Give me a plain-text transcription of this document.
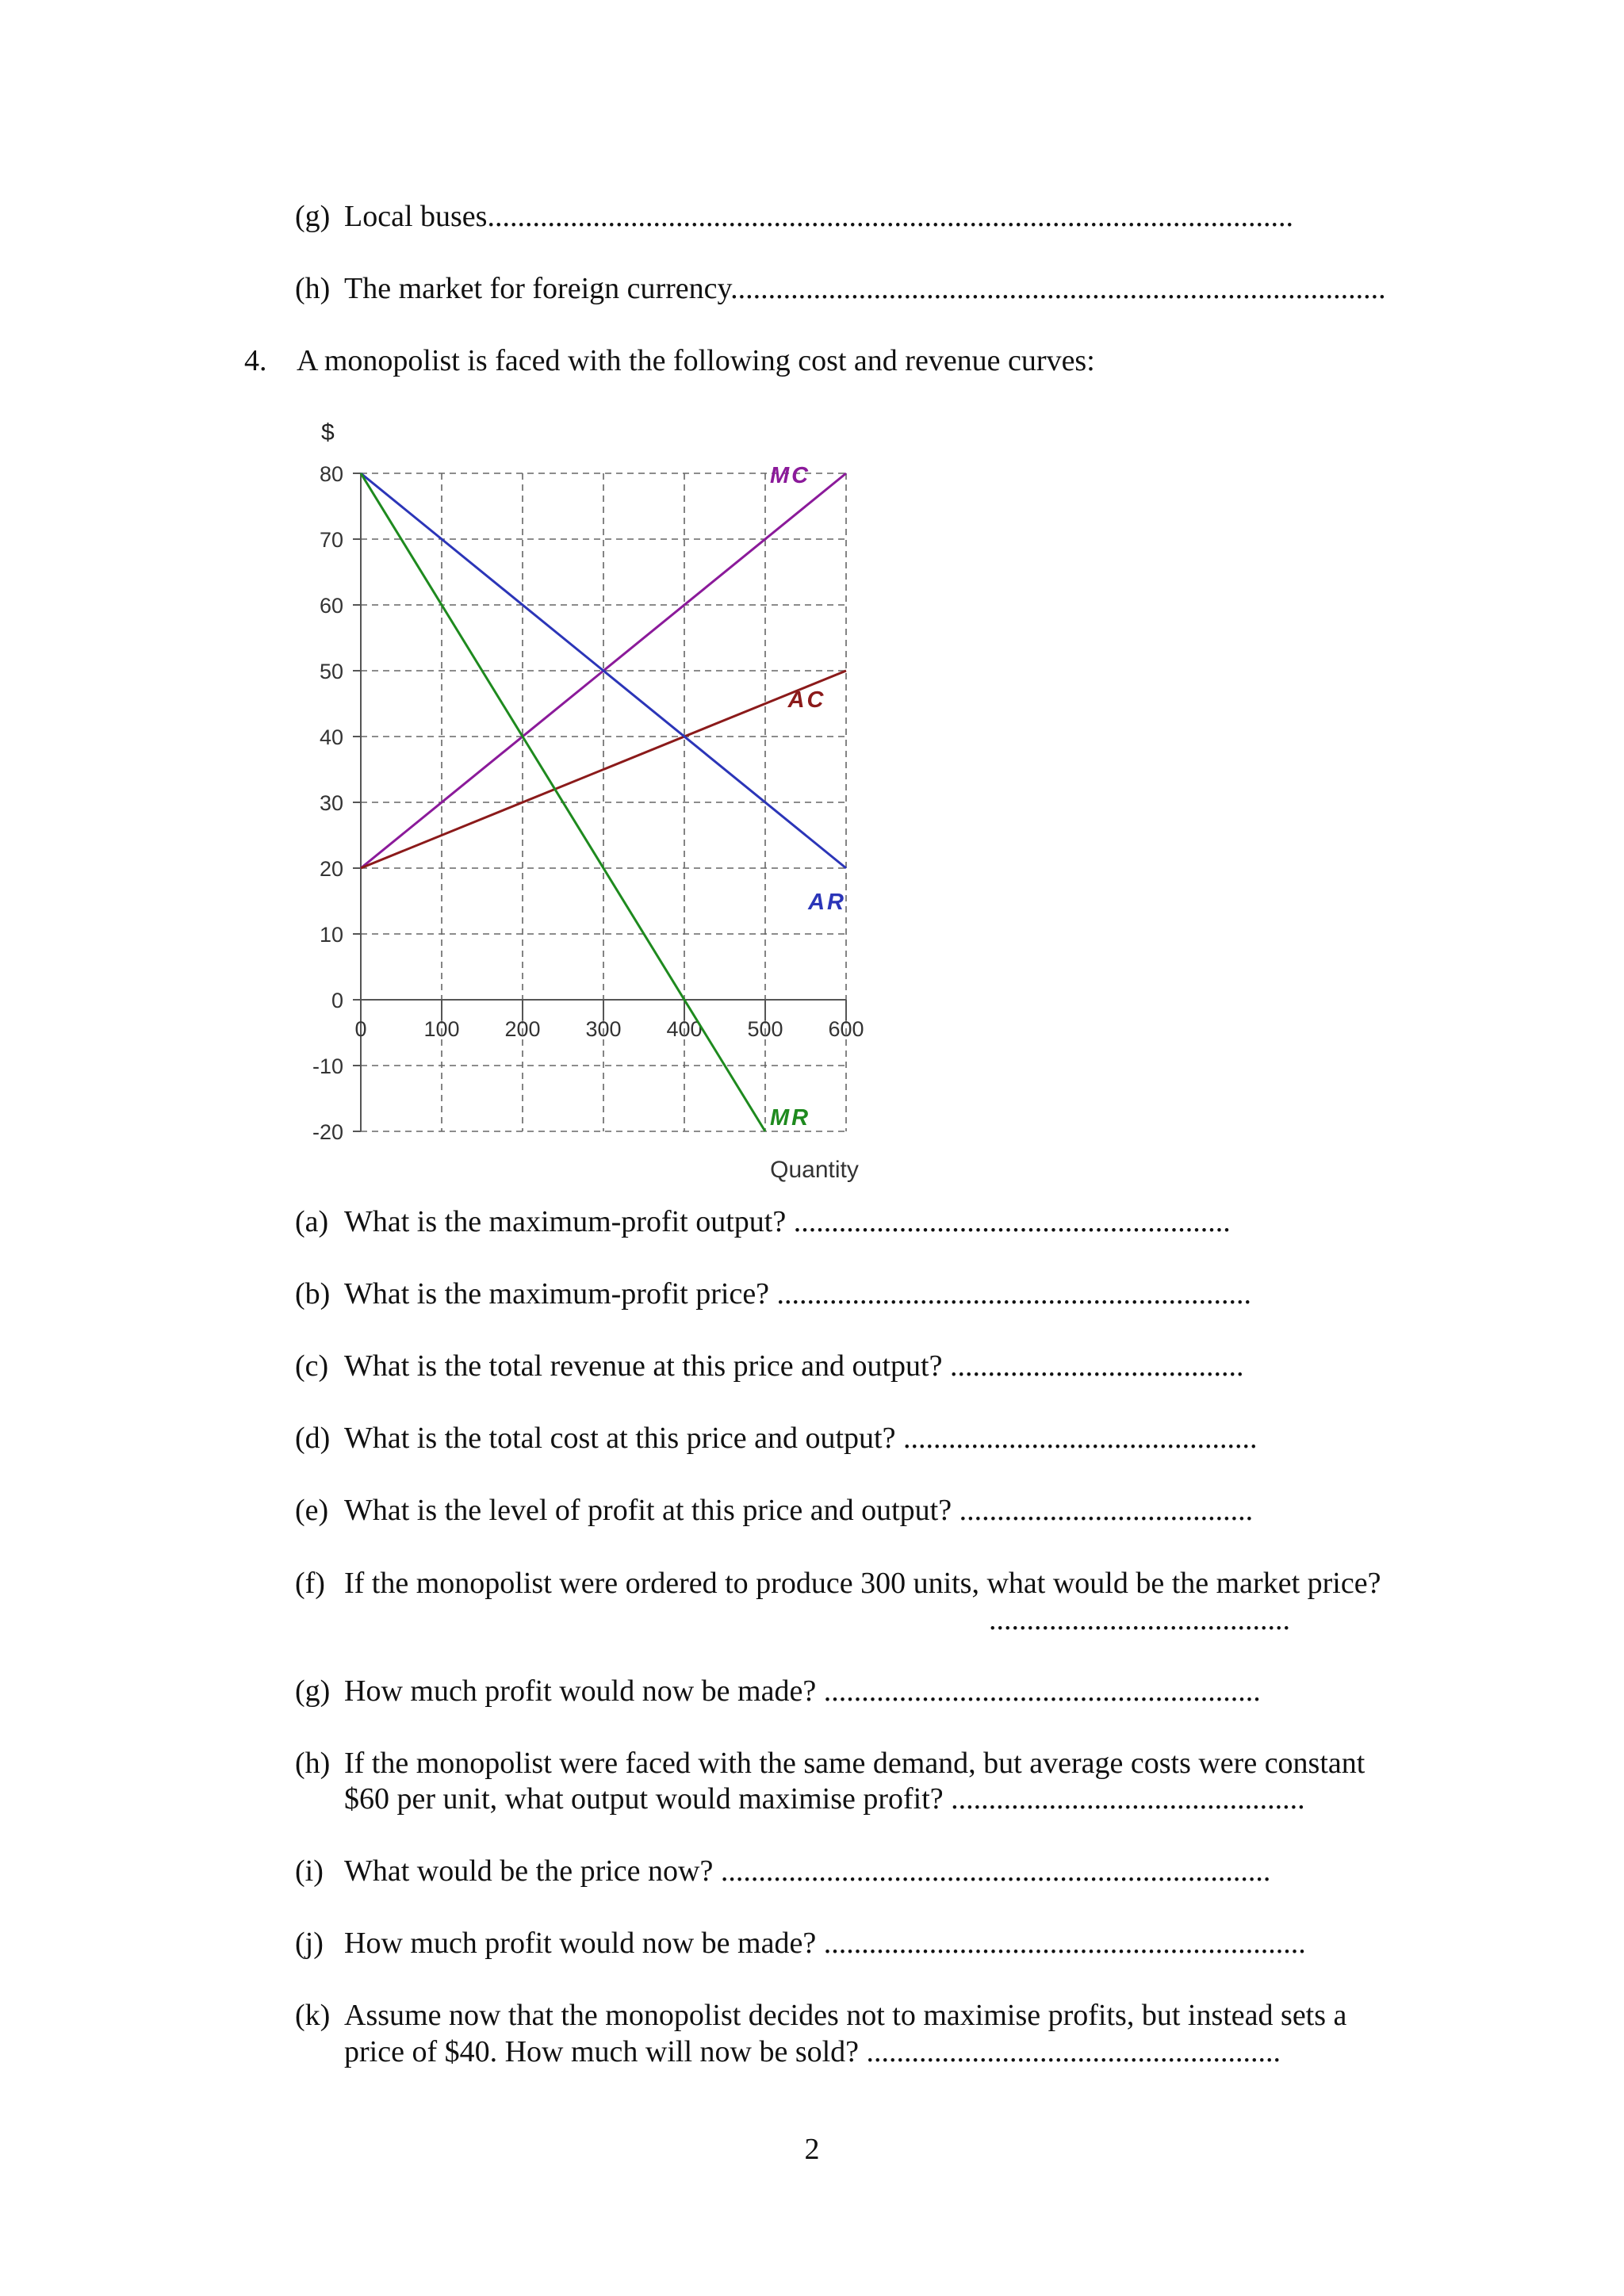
(g) Local buses...........................................................................................................
(h) The market for foreign currency.......................................................................................
4. A monopolist is faced with the following cost and revenue curves:
$
80
70
60
50
40
30
20
10
0
-10
-20
0	100 200 300 400 500 600
MC
AC
AR
MR
Quantity
(a) What is the maximum-profit output? ..........................................................
(b) What is the maximum-profit price? ...............................................................
(c) What is the total revenue at this price and output? .......................................
(d) What is the total cost at this price and output? ...............................................
(e) What is the level of profit at this price and output? .......................................
(f) If the monopolist were ordered to produce 300 units, what would be the market price?
........................................
(g) How much profit would now be made? ..........................................................
(h) If the monopolist were faced with the same demand, but average costs were constant
$60 per unit, what output would maximise profit? ...............................................
(i) What would be the price now? .........................................................................
(j) How much profit would now be made? ................................................................
(k) Assume now that the monopolist decides not to maximise profits, but instead sets a
price of $40. How much will now be sold? .......................................................
2
